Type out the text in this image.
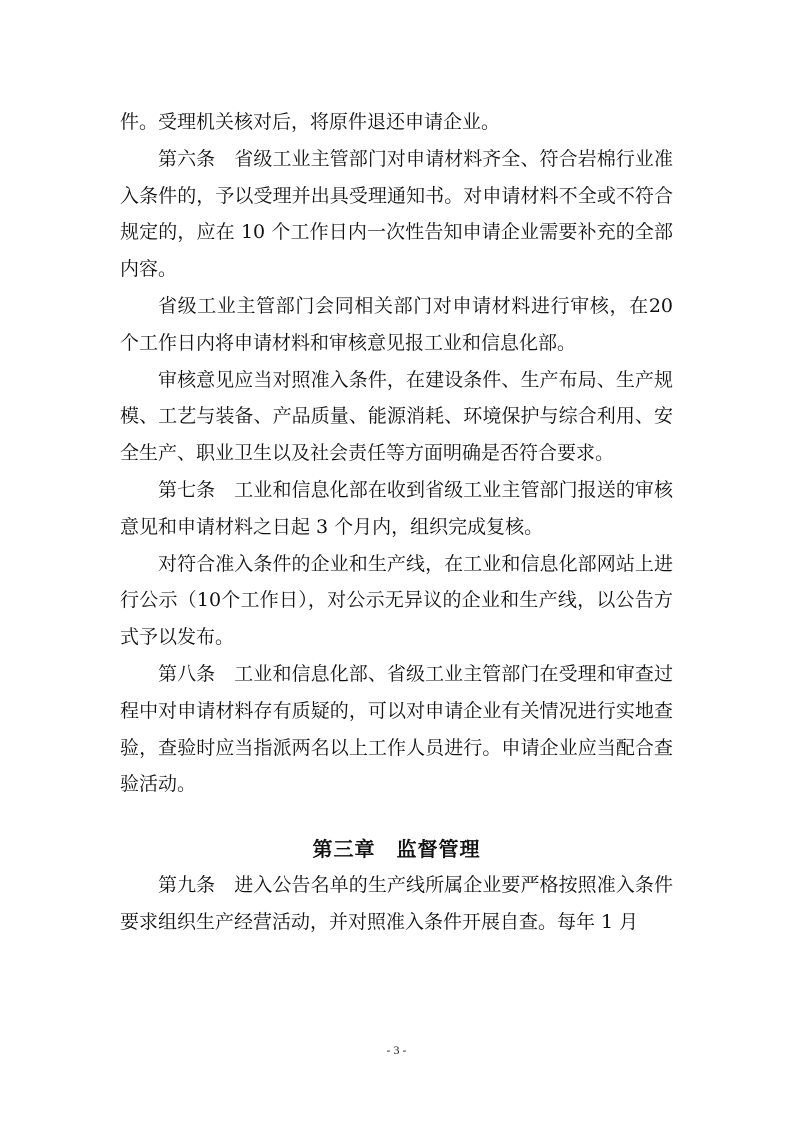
件。受理机关核对后，将原件退还申请企业。

第六条　省级工业主管部门对申请材料齐全、符合岩棉行业准入条件的，予以受理并出具受理通知书。对申请材料不全或不符合规定的，应在 10 个工作日内一次性告知申请企业需要补充的全部内容。

省级工业主管部门会同相关部门对申请材料进行审核，在20个工作日内将申请材料和审核意见报工业和信息化部。

审核意见应当对照准入条件，在建设条件、生产布局、生产规模、工艺与装备、产品质量、能源消耗、环境保护与综合利用、安全生产、职业卫生以及社会责任等方面明确是否符合要求。

第七条　工业和信息化部在收到省级工业主管部门报送的审核意见和申请材料之日起 3 个月内，组织完成复核。

对符合准入条件的企业和生产线，在工业和信息化部网站上进行公示（10个工作日），对公示无异议的企业和生产线，以公告方式予以发布。

第八条　工业和信息化部、省级工业主管部门在受理和审查过程中对申请材料存有质疑的，可以对申请企业有关情况进行实地查验，查验时应当指派两名以上工作人员进行。申请企业应当配合查验活动。

第三章　监督管理

第九条　进入公告名单的生产线所属企业要严格按照准入条件要求组织生产经营活动，并对照准入条件开展自查。每年 1 月

- 3 -
